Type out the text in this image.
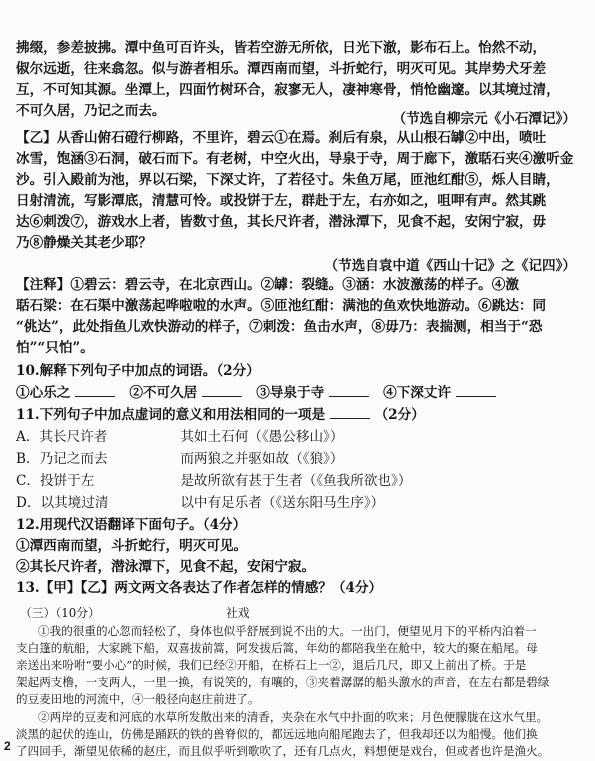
拂缀，参差披拂。潭中鱼可百许头，皆若空游无所依，日光下澈，影布石上。怡然不动，
俶尔远逝，往来翕忽。似与游者相乐。潭西南而望，斗折蛇行，明灭可见。其岸势犬牙差
互，不可知其源。坐潭上，四面竹树环合，寂寥无人，凄神寒骨，悄怆幽邃。以其境过清，
不可久居，乃记之而去。	（节选自柳宗元《小石潭记》）
【乙】从香山俯石磴行柳路，不里许，碧云①在焉。刹后有泉，从山根石罅②中出，喷吐
冰雪，饱涵③石洞，破石而下。有老树，中空火出，导泉于寺，周于廊下，激聒石夹④激听金
沙。引入殿前为池，界以石梁，下深丈许，了若径寸。朱鱼万尾，匝池红酣⑤，烁人目睛，
日射清流，写影潭底，清慧可怜。或投饼于左，群赴于左，右亦如之，咀呷有声。然其跳
达⑥刺泼⑦，游戏水上者，皆数寸鱼，其长尺许者，潜泳潭下，见食不起，安闲宁寂，毋
乃⑧静燥关其老少耶？
（节选自袁中道《西山十记》之《记四》）
【注释】①碧云：碧云寺，在北京西山。②罅：裂缝。③涵：水波激荡的样子。④激
聒石梁：在石渠中激荡起哗啦啦的水声。⑤匝池红酣：满池的鱼欢快地游动。⑥跳达：同
“佻达”，此处指鱼儿欢快游动的样子，⑦刺泼：鱼击水声，⑧毋乃：表揣测，相当于“恐
怕”“只怕”。
10.解释下列句子中加点的词语。（2分）
①心乐之	②不可久居	③导泉于寺	④下深丈许
11.下列句子中加点虚词的意义和用法相同的一项是	（2分）
A．其长尺许者	其如土石何（《愚公移山》）
B．乃记之而去	而两狼之并驱如故（《狼》）
C．投饼于左	是故所欲有甚于生者（《鱼我所欲也》）
D．以其境过清	以中有足乐者（《送东阳马生序》）
12.用现代汉语翻译下面句子。（4分）
①潭西南而望，斗折蛇行，明灭可见。
②其长尺许者，潜泳潭下，见食不起，安闲宁寂。
13.【甲】【乙】两文两文各表达了作者怎样的情感？（4分）
（三）（10分）	社戏
①我的很重的心忽而轻松了，身体也似乎舒展到说不出的大。一出门，便望见月下的平桥内泊着一
支白篷的航船，大家跳下船，双喜拔前篙，阿发拔后篙，年幼的都陪我坐在舱中，较大的聚在船尾。母
亲送出来吩咐“要小心”的时候，我们已经②开船，在桥石上一②，退后几尺，即又上前出了桥。于是
架起两支橹，一支两人，一里一换，有说笑的，有嚷的，③夹着潺潺的船头激水的声音，在左右都是碧绿
的豆麦田地的河流中，④一般径向赵庄前进了。
2
②两岸的豆麦和河底的水草所发散出来的清香，夹杂在水气中扑面的吹来；月色便朦胧在这水气里。
淡黑的起伏的连山，仿佛是踊跃的铁的兽脊似的，都远远地向船尾跑去了，但我却还以为船慢。他们换
了四回手，渐望见依稀的赵庄，而且似乎听到歌吹了，还有几点火，料想便是戏台，但或者也许是渔火。
